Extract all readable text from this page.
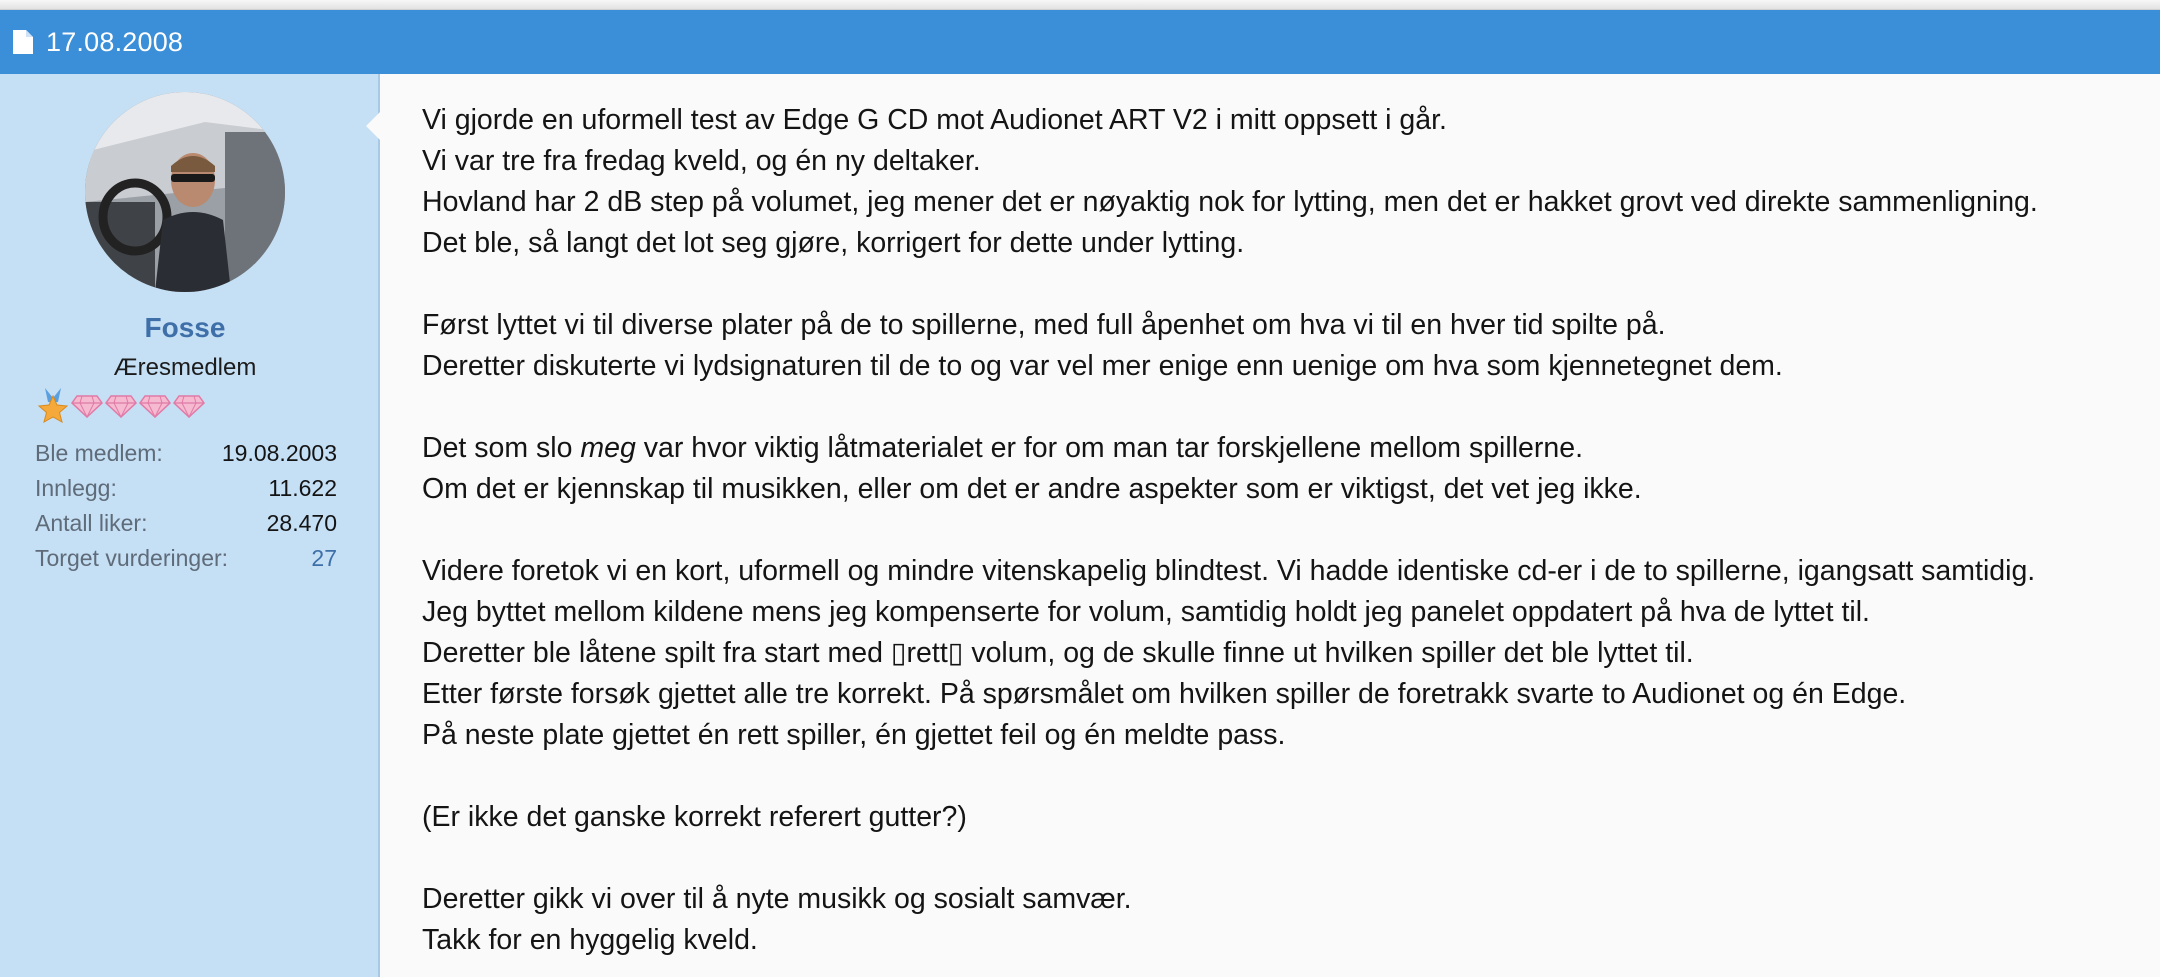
17.08.2008
Fosse
Æresmedlem
Ble medlem:	19.08.2003
Innlegg:	11.622
Antall liker:	28.470
Torget vurderinger:	27
Vi gjorde en uformell test av Edge G CD mot Audionet ART V2 i mitt oppsett i går.
Vi var tre fra fredag kveld, og én ny deltaker.
Hovland har 2 dB step på volumet, jeg mener det er nøyaktig nok for lytting, men det er hakket grovt ved direkte sammenligning.
Det ble, så langt det lot seg gjøre, korrigert for dette under lytting.
Først lyttet vi til diverse plater på de to spillerne, med full åpenhet om hva vi til en hver tid spilte på.
Deretter diskuterte vi lydsignaturen til de to og var vel mer enige enn uenige om hva som kjennetegnet dem.
Det som slo meg var hvor viktig låtmaterialet er for om man tar forskjellene mellom spillerne.
Om det er kjennskap til musikken, eller om det er andre aspekter som er viktigst, det vet jeg ikke.
Videre foretok vi en kort, uformell og mindre vitenskapelig blindtest. Vi hadde identiske cd-er i de to spillerne, igangsatt samtidig.
Jeg byttet mellom kildene mens jeg kompenserte for volum, samtidig holdt jeg panelet oppdatert på hva de lyttet til.
Deretter ble låtene spilt fra start med ▯rett▯ volum, og de skulle finne ut hvilken spiller det ble lyttet til.
Etter første forsøk gjettet alle tre korrekt. På spørsmålet om hvilken spiller de foretrakk svarte to Audionet og én Edge.
På neste plate gjettet én rett spiller, én gjettet feil og én meldte pass.
(Er ikke det ganske korrekt referert gutter?)
Deretter gikk vi over til å nyte musikk og sosialt samvær.
Takk for en hyggelig kveld.
